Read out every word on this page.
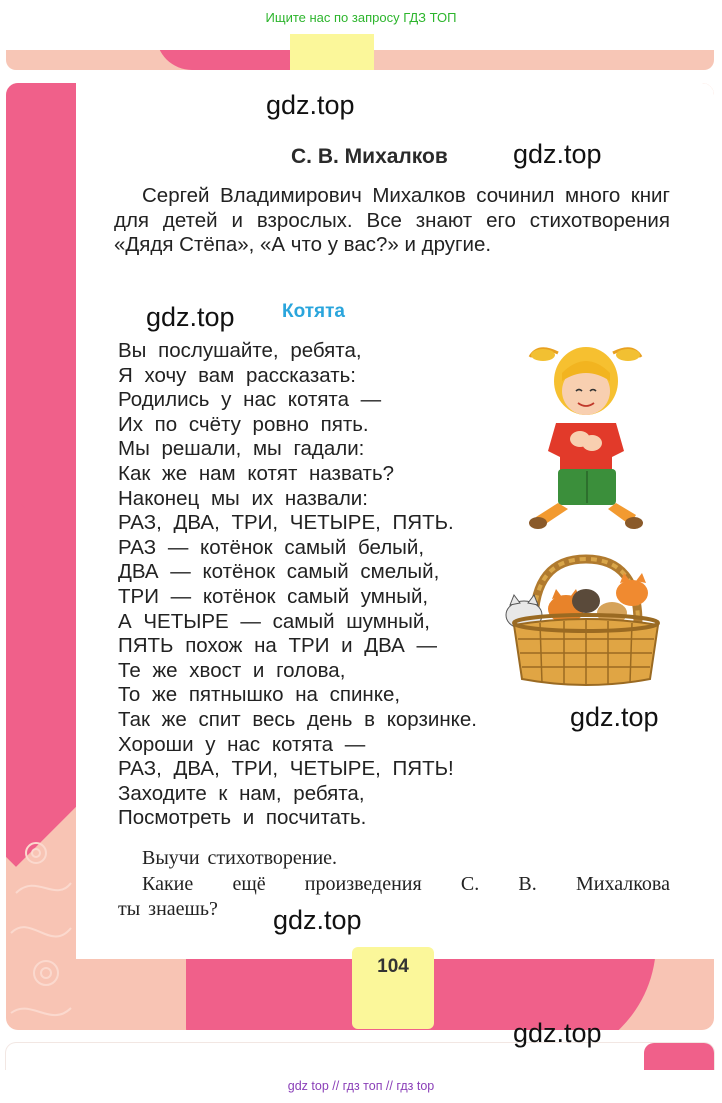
Ищите нас по запросу ГДЗ ТОП
С. В. Михалков

Сергей Владимирович Михалков сочинил много книг для детей и взрослых. Все знают его стихотворения «Дядя Стёпа», «А что у вас?» и другие.

Котята
Вы послушайте, ребята,
Я хочу вам рассказать:
Родились у нас котята —
Их по счёту ровно пять.
Мы решали, мы гадали:
Как же нам котят назвать?
Наконец мы их назвали:
РАЗ, ДВА, ТРИ, ЧЕТЫРЕ, ПЯТЬ.
РАЗ — котёнок самый белый,
ДВА — котёнок самый смелый,
ТРИ — котёнок самый умный,
А ЧЕТЫРЕ — самый шумный,
ПЯТЬ похож на ТРИ и ДВА —
Те же хвост и голова,
То же пятнышко на спинке,
Так же спит весь день в корзинке.
Хороши у нас котята —
РАЗ, ДВА, ТРИ, ЧЕТЫРЕ, ПЯТЬ!
Заходите к нам, ребята,
Посмотреть и посчитать.

Выучи стихотворение.
Какие ещё произведения С. В. Михалкова
ты знаешь?

104
gdz top // гдз топ // гдз top
gdz.top
gdz.top
gdz.top
gdz.top
gdz.top
gdz.top
